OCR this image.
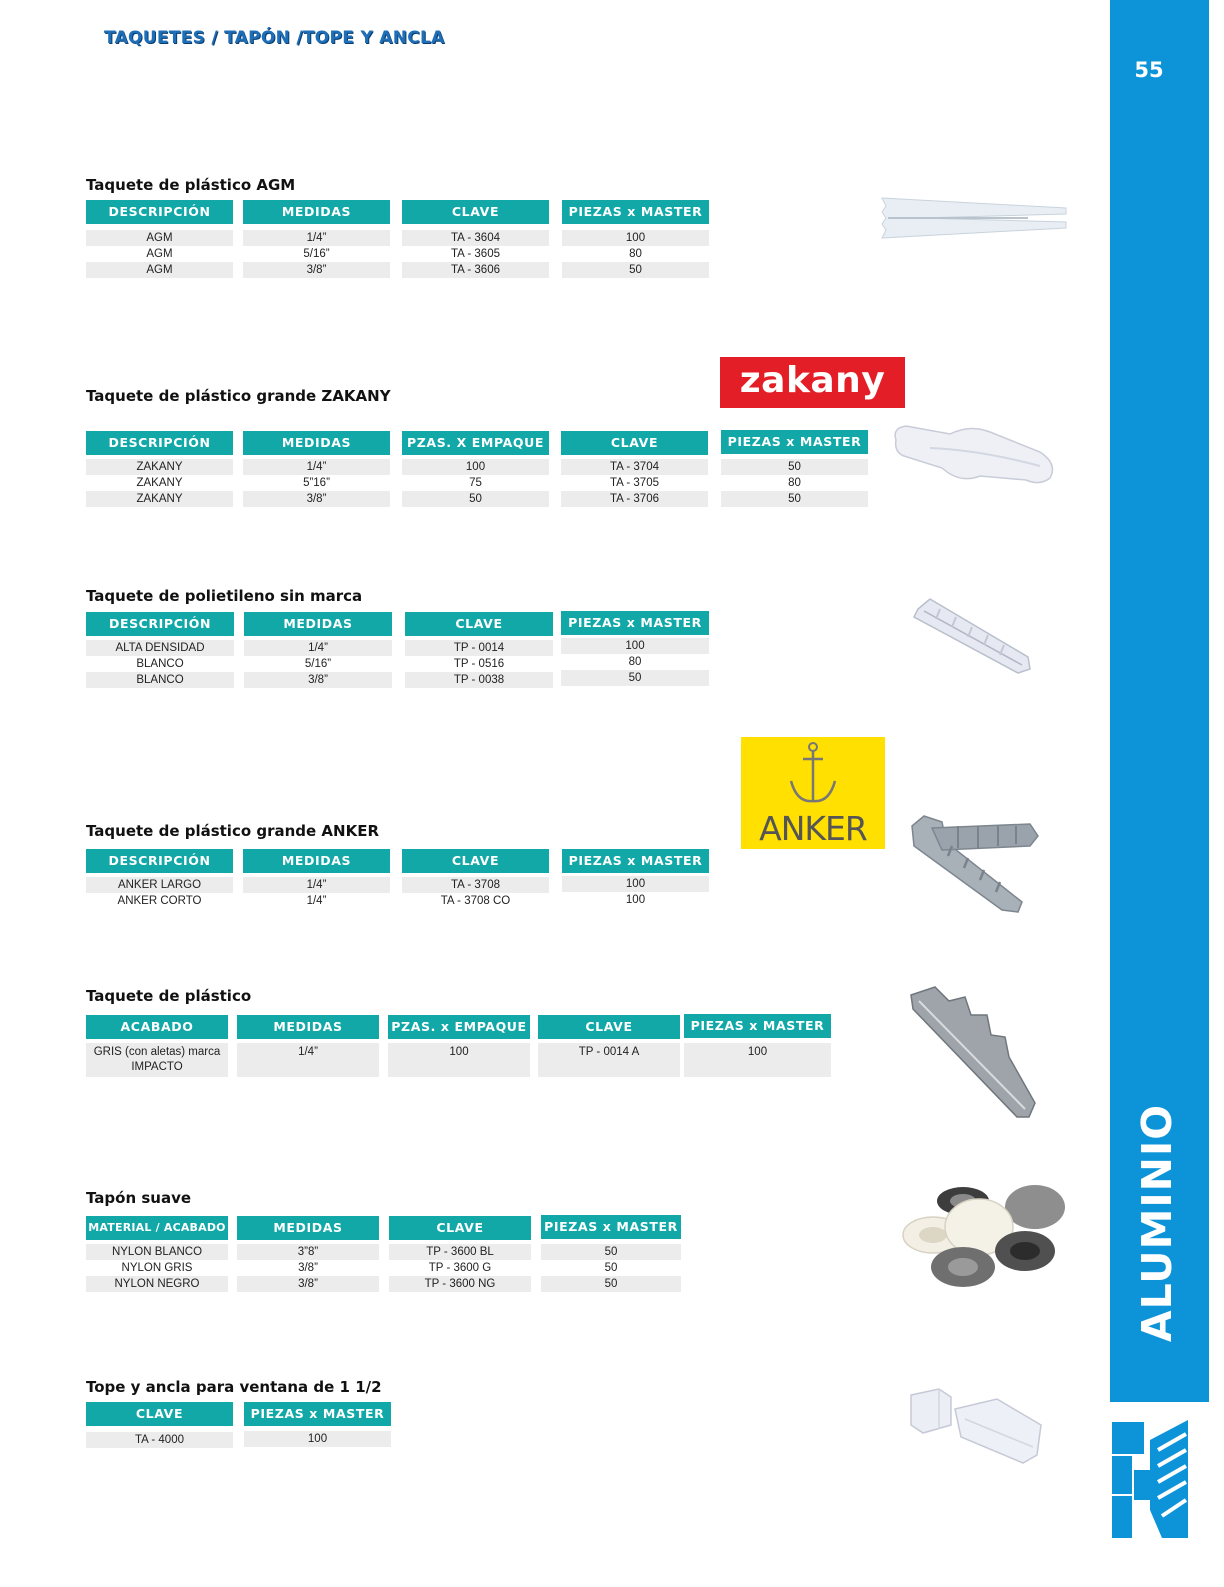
TAQUETES / TAPÓN /TOPE Y ANCLA
55
ALUMINIO
Taquete de plástico AGM
DESCRIPCIÓN
AGM
AGM
AGM
MEDIDAS
1/4”
5/16”
3/8”
CLAVE
TA - 3604
TA - 3605
TA - 3606
PIEZAS x MASTER
100
80
50
zakany
Taquete de plástico grande ZAKANY
DESCRIPCIÓN
ZAKANY
ZAKANY
ZAKANY
MEDIDAS
1/4”
5”16”
3/8”
PZAS. X EMPAQUE
100
75
50
CLAVE
TA - 3704
TA - 3705
TA - 3706
PIEZAS x MASTER
50
80
50
Taquete de polietileno sin marca
DESCRIPCIÓN
ALTA DENSIDAD
BLANCO
BLANCO
MEDIDAS
1/4”
5/16”
3/8”
CLAVE
TP - 0014
TP - 0516
TP - 0038
PIEZAS x MASTER
100
80
50
ANKER
Taquete de plástico grande ANKER
DESCRIPCIÓN
ANKER LARGO
ANKER CORTO
MEDIDAS
1/4”
1/4”
CLAVE
TA - 3708
TA - 3708 CO
PIEZAS x MASTER
100
100
Taquete de plástico
ACABADO
GRIS (con aletas) marca IMPACTO
MEDIDAS
1/4”
PZAS. x EMPAQUE
100
CLAVE
TP - 0014 A
PIEZAS x MASTER
100
Tapón suave
MATERIAL / ACABADO
NYLON BLANCO
NYLON GRIS
NYLON NEGRO
MEDIDAS
3”8”
3/8”
3/8”
CLAVE
TP - 3600 BL
TP - 3600 G
TP - 3600 NG
PIEZAS x MASTER
50
50
50
Tope y ancla para ventana de 1 1/2
CLAVE
TA - 4000
PIEZAS x MASTER
100
